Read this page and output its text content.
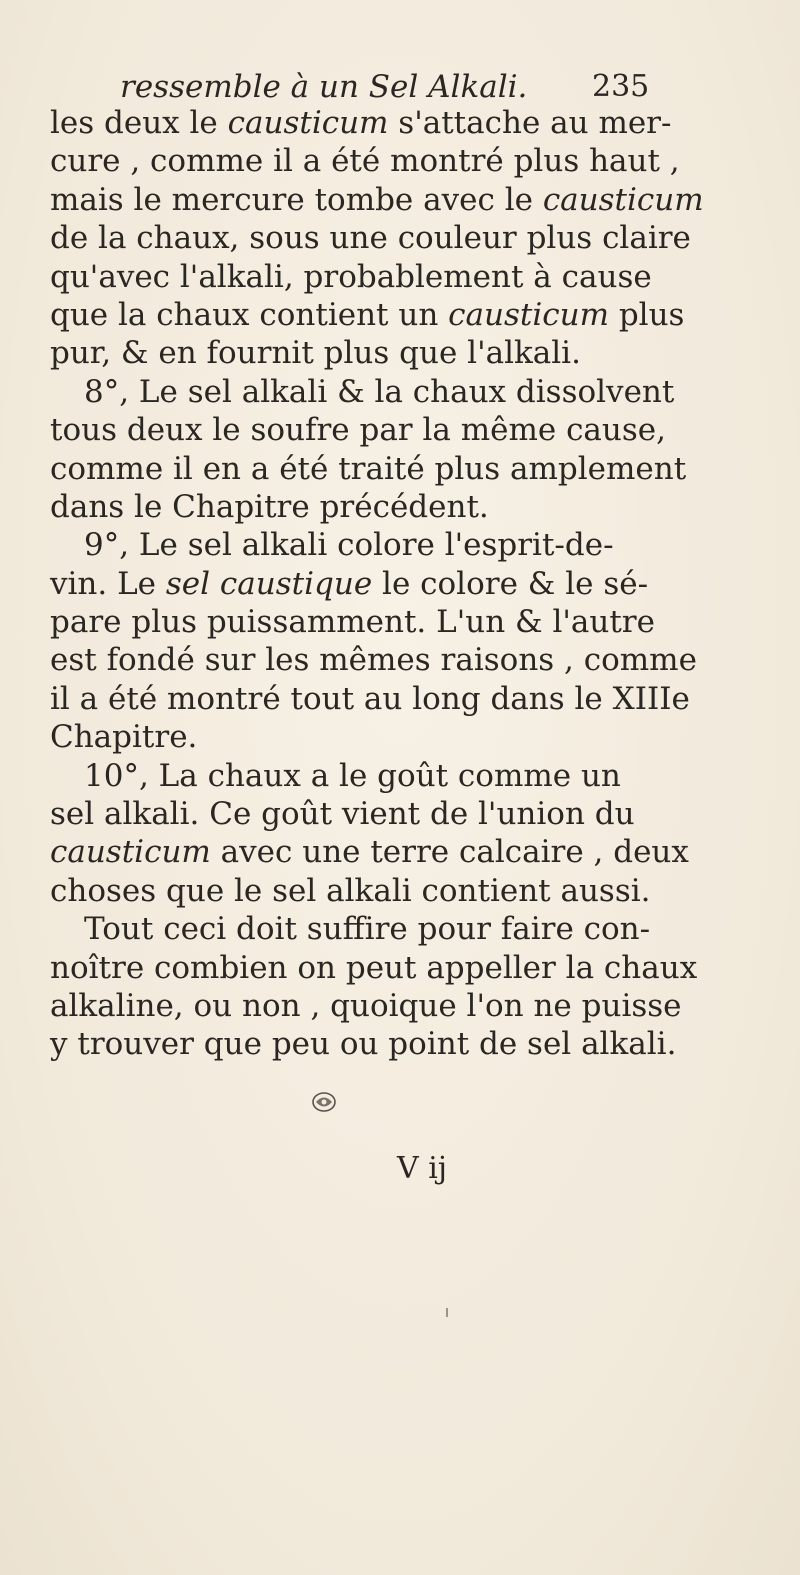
ressemble à un Sel Alkali. 235
les deux le causticum s'attache au mer-
cure , comme il a été montré plus haut ,
mais le mercure tombe avec le causticum
de la chaux, sous une couleur plus claire
qu'avec l'alkali, probablement à cause
que la chaux contient un causticum plus
pur, & en fournit plus que l'alkali.
8°, Le sel alkali & la chaux dissolvent
tous deux le soufre par la même cause,
comme il en a été traité plus amplement
dans le Chapitre précédent.
9°, Le sel alkali colore l'esprit-de-
vin. Le sel caustique le colore & le sé-
pare plus puissamment. L'un & l'autre
est fondé sur les mêmes raisons , comme
il a été montré tout au long dans le XIIIe
Chapitre.
10°, La chaux a le goût comme un
sel alkali. Ce goût vient de l'union du
causticum avec une terre calcaire , deux
choses que le sel alkali contient aussi.
Tout ceci doit suffire pour faire con-
noître combien on peut appeller la chaux
alkaline, ou non , quoique l'on ne puisse
y trouver que peu ou point de sel alkali.
V ij
